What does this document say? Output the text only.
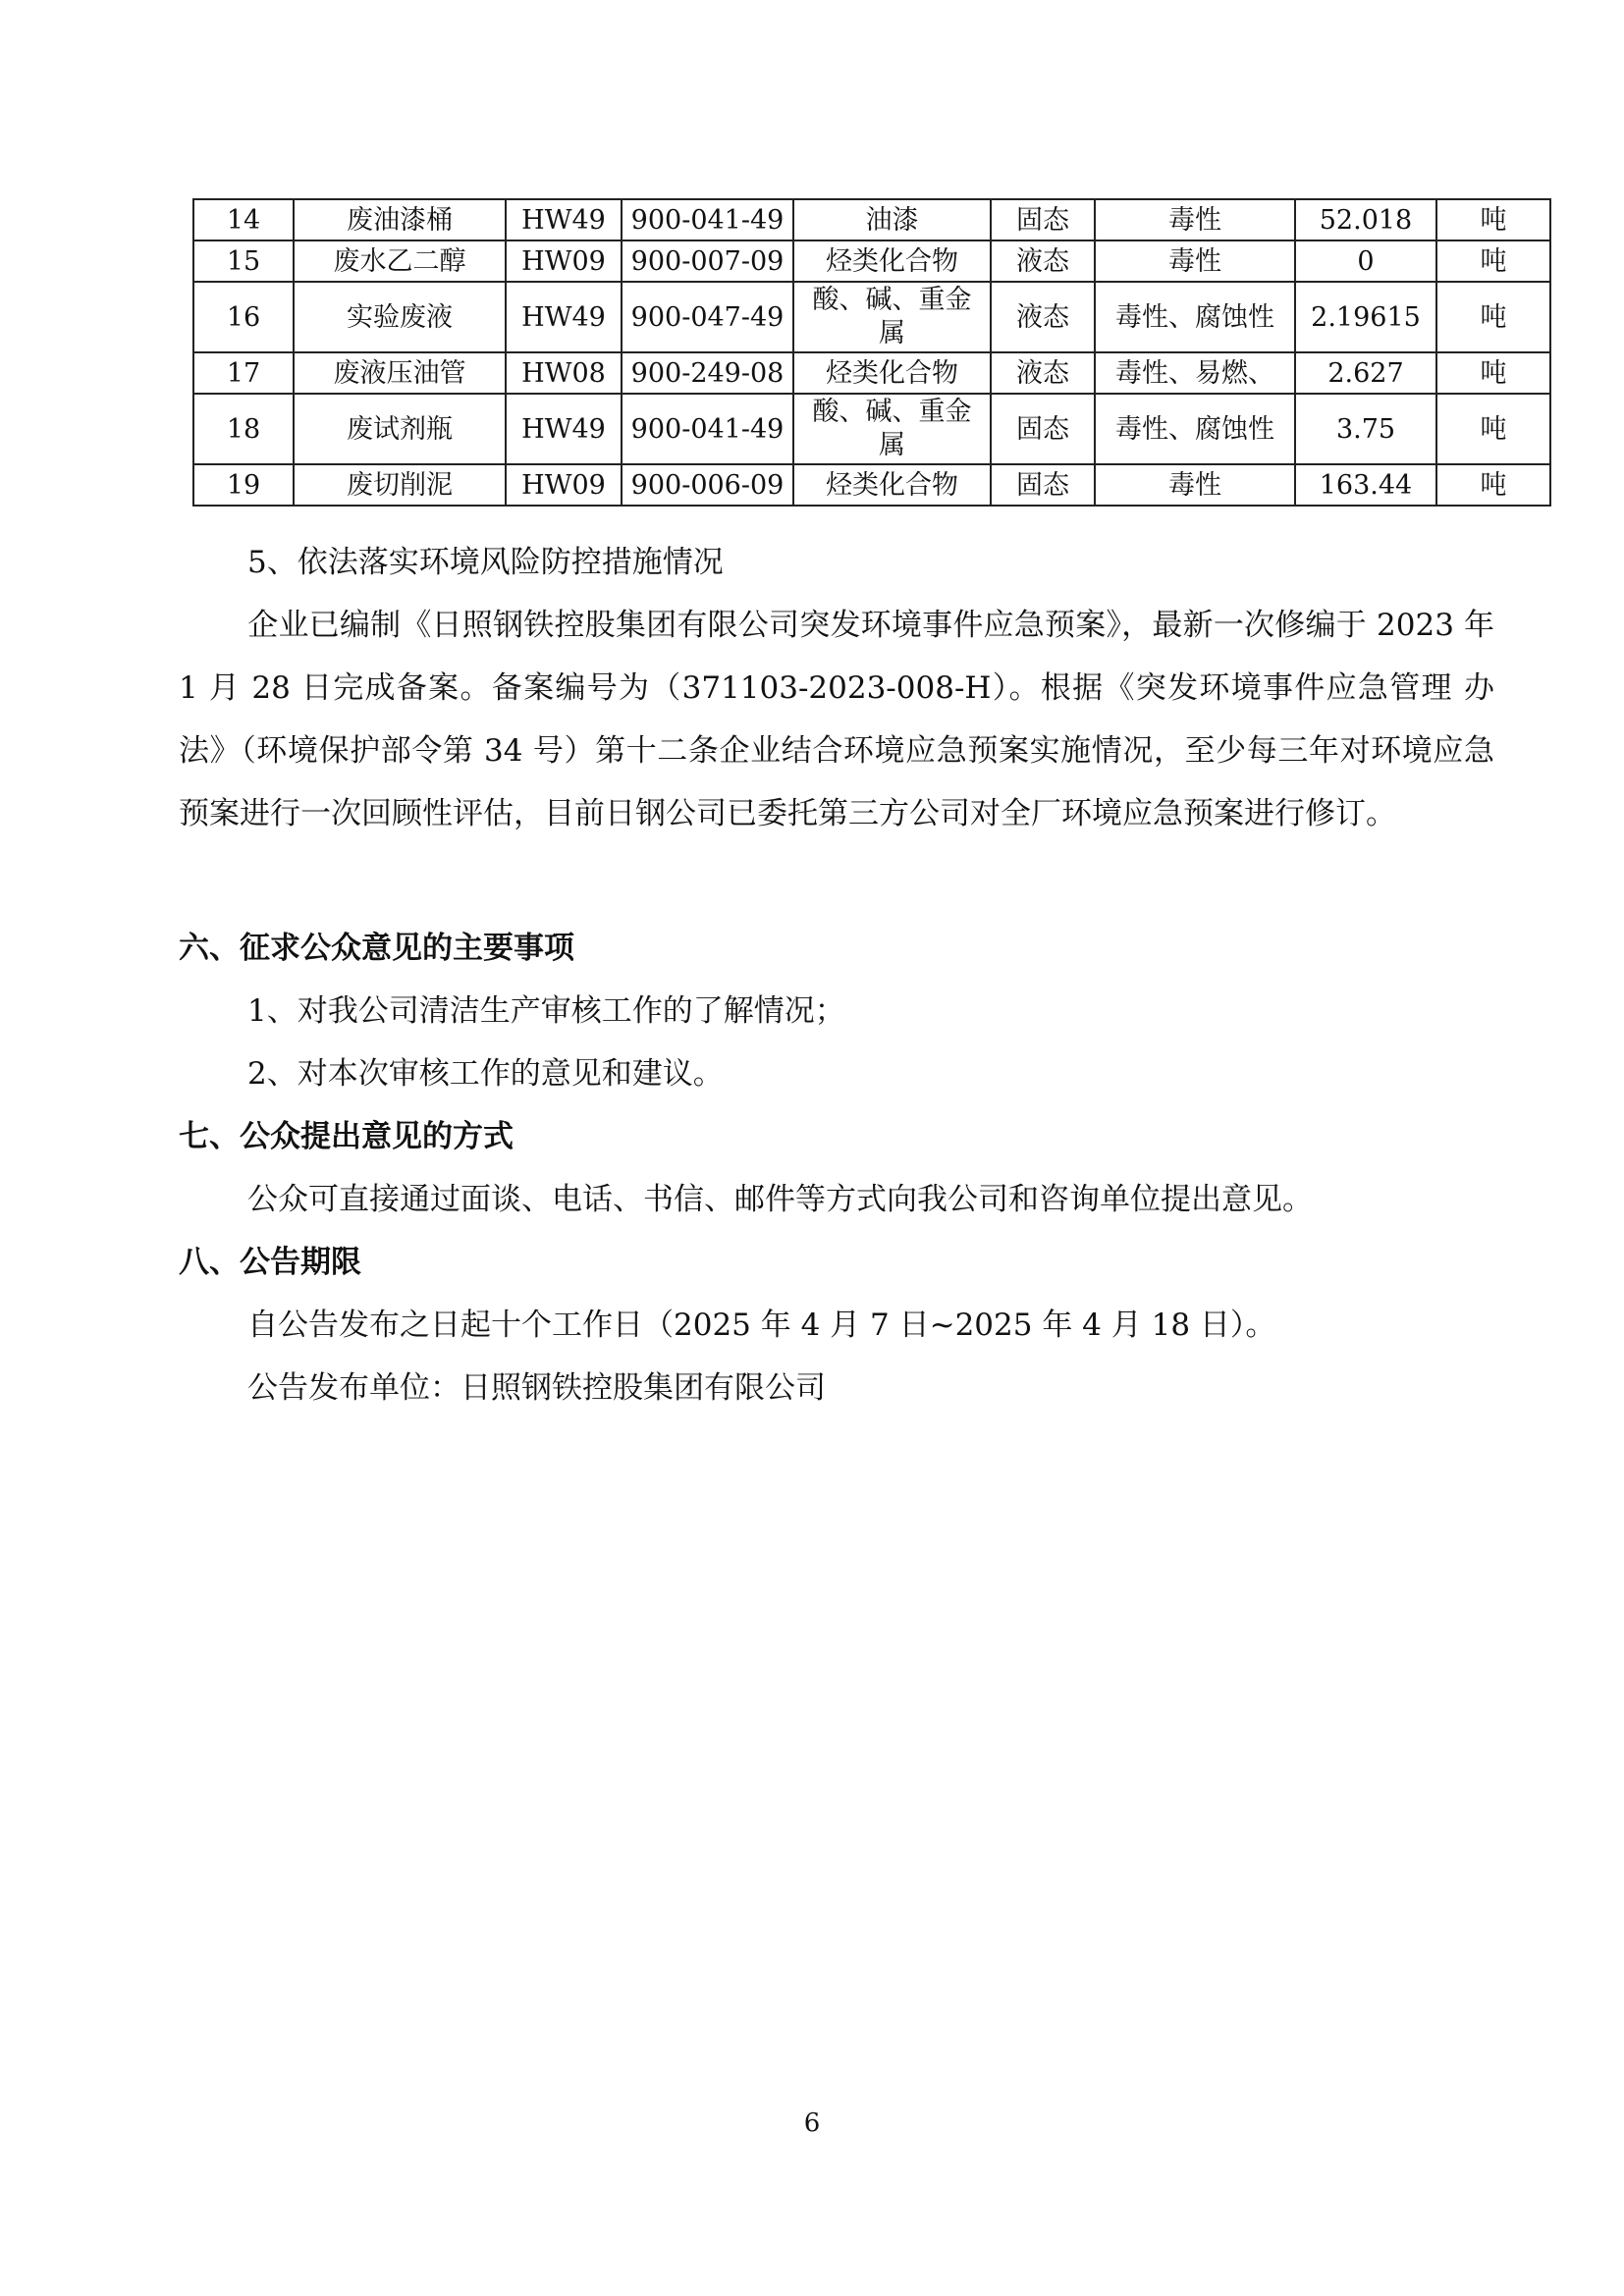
14	废油漆桶	HW49	900-041-49	油漆	固态	毒性	52.018	吨
15	废水乙二醇	HW09	900-007-09	烃类化合物	液态	毒性	0	吨
16	实验废液	HW49	900-047-49	酸、碱、重金属	液态	毒性、腐蚀性	2.19615	吨
17	废液压油管	HW08	900-249-08	烃类化合物	液态	毒性、易燃、	2.627	吨
18	废试剂瓶	HW49	900-041-49	酸、碱、重金属	固态	毒性、腐蚀性	3.75	吨
19	废切削泥	HW09	900-006-09	烃类化合物	固态	毒性	163.44	吨
5、依法落实环境风险防控措施情况
企业已编制《日照钢铁控股集团有限公司突发环境事件应急预案》，最新一次修编于 2023 年 1 月 28 日完成备案。备案编号为（371103-2023-008-H）。根据《突发环境事件应急管理 办法》（环境保护部令第 34 号）第十二条企业结合环境应急预案实施情况，至少每三年对环境应急预案进行一次回顾性评估，目前日钢公司已委托第三方公司对全厂环境应急预案进行修订。
六、征求公众意见的主要事项
1、对我公司清洁生产审核工作的了解情况；
2、对本次审核工作的意见和建议。
七、公众提出意见的方式
公众可直接通过面谈、电话、书信、邮件等方式向我公司和咨询单位提出意见。
八、公告期限
自公告发布之日起十个工作日（2025 年 4 月 7 日~2025 年 4 月 18 日）。
公告发布单位：日照钢铁控股集团有限公司
6
